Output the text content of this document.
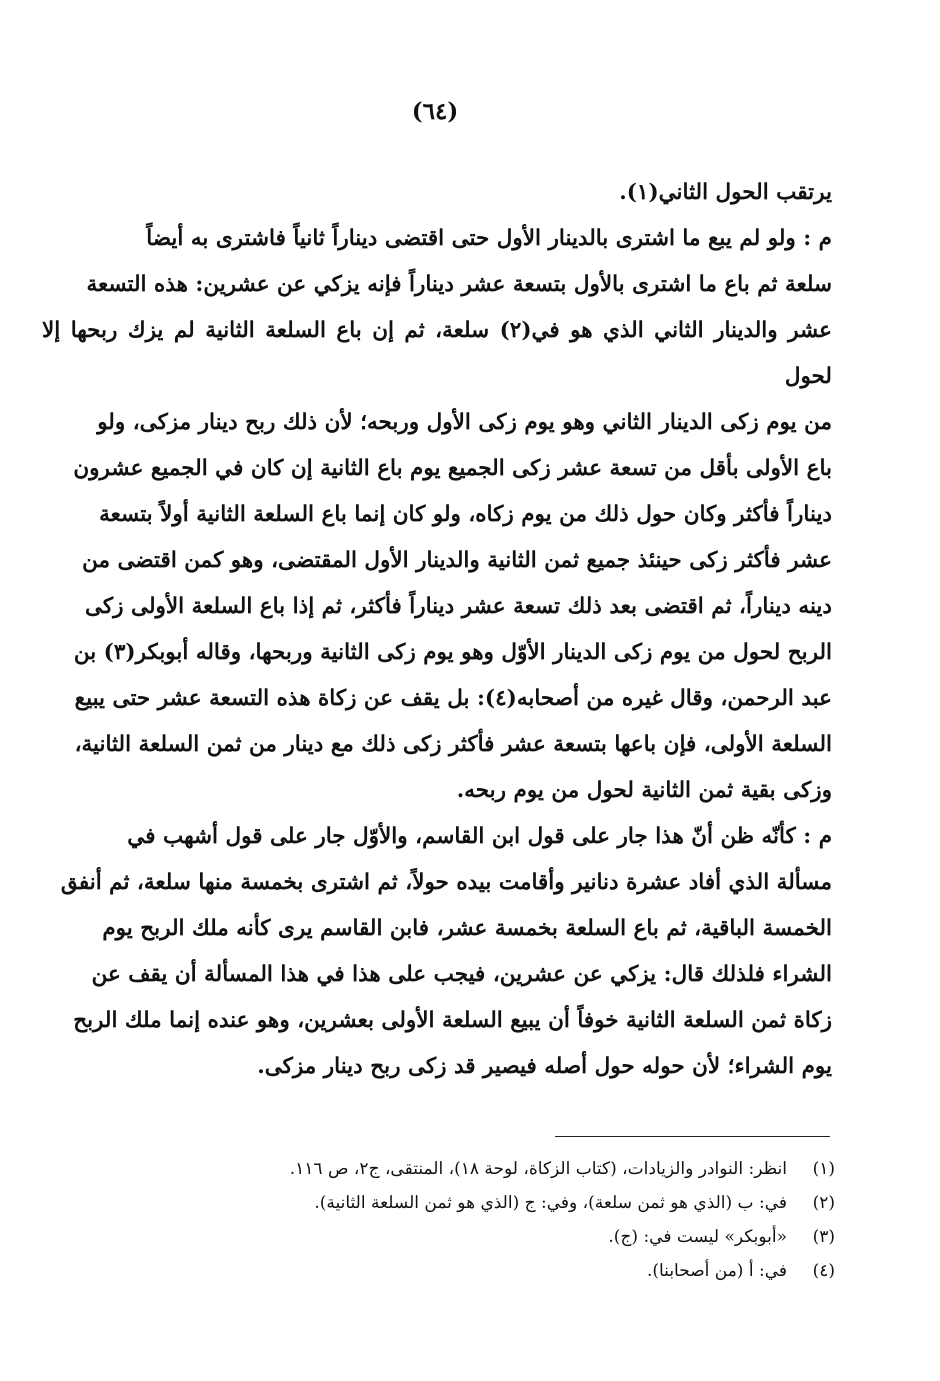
(٦٤)

يرتقب الحول الثاني(١).

م : ولو لم يبع ما اشترى بالدينار الأول حتى اقتضى ديناراً ثانياً فاشترى به أيضاً
سلعة ثم باع ما اشترى بالأول بتسعة عشر ديناراً فإنه يزكي عن عشرين: هذه التسعة
عشر والدينار الثاني الذي هو في(٢) سلعة، ثم إن باع السلعة الثانية لم يزك ربحها إلا لحول
من يوم زكى الدينار الثاني وهو يوم زكى الأول وربحه؛ لأن ذلك ربح دينار مزكى، ولو
باع الأولى بأقل من تسعة عشر زكى الجميع يوم باع الثانية إن كان في الجميع عشرون
ديناراً فأكثر وكان حول ذلك من يوم زكاه، ولو كان إنما باع السلعة الثانية أولاً بتسعة
عشر فأكثر زكى حينئذ جميع ثمن الثانية والدينار الأول المقتضى، وهو كمن اقتضى من
دينه ديناراً، ثم اقتضى بعد ذلك تسعة عشر ديناراً فأكثر، ثم إذا باع السلعة الأولى زكى
الربح لحول من يوم زكى الدينار الأوّل وهو يوم زكى الثانية وربحها، وقاله أبوبكر(٣) بن
عبد الرحمن، وقال غيره من أصحابه(٤): بل يقف عن زكاة هذه التسعة عشر حتى يبيع
السلعة الأولى، فإن باعها بتسعة عشر فأكثر زكى ذلك مع دينار من ثمن السلعة الثانية،
وزكى بقية ثمن الثانية لحول من يوم ربحه.

م : كأنّه ظن أنّ هذا جار على قول ابن القاسم، والأوّل جار على قول أشهب في
مسألة الذي أفاد عشرة دنانير وأقامت بيده حولاً، ثم اشترى بخمسة منها سلعة، ثم أنفق
الخمسة الباقية، ثم باع السلعة بخمسة عشر، فابن القاسم يرى كأنه ملك الربح يوم
الشراء فلذلك قال: يزكي عن عشرين، فيجب على هذا في هذا المسألة أن يقف عن
زكاة ثمن السلعة الثانية خوفاً أن يبيع السلعة الأولى بعشرين، وهو عنده إنما ملك الربح
يوم الشراء؛ لأن حوله حول أصله فيصير قد زكى ربح دينار مزكى.

(١)انظر: النوادر والزيادات، (كتاب الزكاة، لوحة ١٨)، المنتقى، ج٢، ص ١١٦.
(٢)في: ب (الذي هو ثمن سلعة)، وفي: ج (الذي هو ثمن السلعة الثانية).
(٣)«أبوبكر» ليست في: (ج).
(٤)في: أ (من أصحابنا).
